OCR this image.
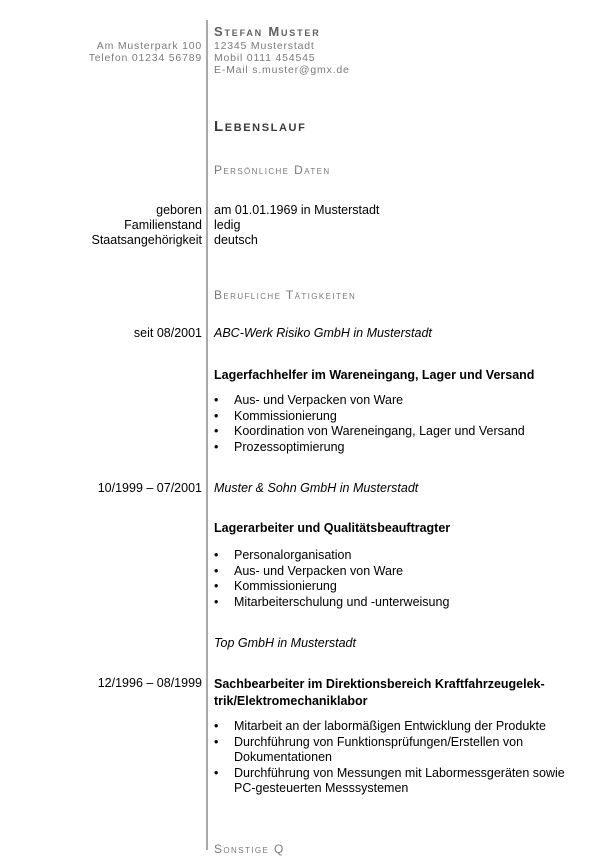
Am Musterpark 100
Telefon 01234 56789
Stefan Muster
12345 Musterstadt
Mobil 0111 454545
E-Mail s.muster@gmx.de
Lebenslauf
Persönliche Daten
geboren am 01.01.1969 in Musterstadt
Familienstand ledig
Staatsangehörigkeit deutsch
Berufliche Tätigkeiten
seit 08/2001 ABC-Werk Risiko GmbH in Musterstadt
Lagerfachhelfer im Wareneingang, Lager und Versand
• Aus- und Verpacken von Ware
• Kommissionierung
• Koordination von Wareneingang, Lager und Versand
• Prozessoptimierung
10/1999 – 07/2001 Muster & Sohn GmbH in Musterstadt
Lagerarbeiter und Qualitätsbeauftragter
• Personalorganisation
• Aus- und Verpacken von Ware
• Kommissionierung
• Mitarbeiterschulung und -unterweisung
Top GmbH in Musterstadt
12/1996 – 08/1999 Sachbearbeiter im Direktionsbereich Kraftfahrzeugelek-trik/Elektromechaniklabor
• Mitarbeit an der labormäßigen Entwicklung der Produkte
• Durchführung von Funktionsprüfungen/Erstellen von Dokumentationen
• Durchführung von Messungen mit Labormessgeräten sowie PC-gesteuerten Messsystemen
Sonstige Q
